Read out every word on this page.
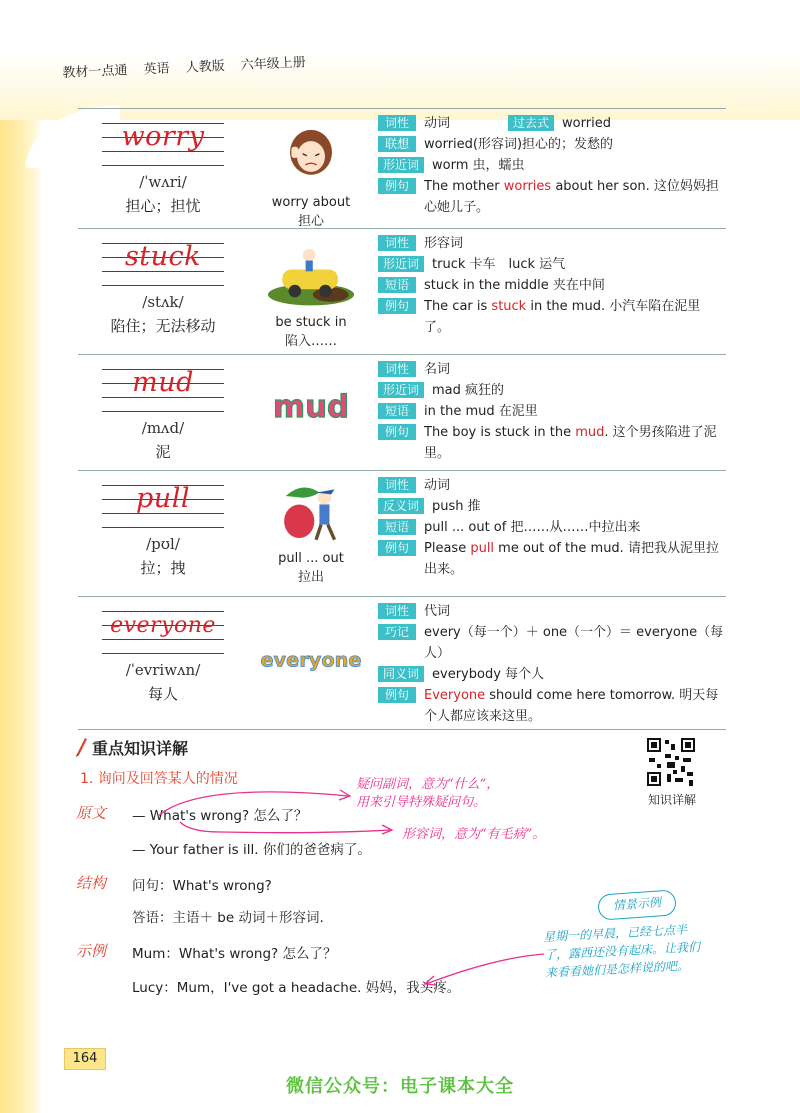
教材一点通 英语 人教版 六年级上册
worry
/ˈwʌri/
担心；担忧	worry about
担心
词性	动词	过去式 worried
联想	worried(形容词)担心的；发愁的
形近词	worm 虫，蠕虫
例句	The mother worries about her son. 这位妈妈担心她儿子。
stuck
/stʌk/
陷住；无法移动	be stuck in
陷入……
词性	形容词
形近词	truck 卡车　luck 运气
短语	stuck in the middle 夹在中间
例句	The car is stuck in the mud. 小汽车陷在泥里了。
mud
/mʌd/
泥
mud
词性	名词
形近词	mad 疯狂的
短语	in the mud 在泥里
例句	The boy is stuck in the mud. 这个男孩陷进了泥里。
pull
/pʊl/
拉；拽
pull ... out
拉出
词性	动词
反义词	push 推
短语	pull ... out of 把……从……中拉出来
例句	Please pull me out of the mud. 请把我从泥里拉出来。
everyone
/ˈevriwʌn/
每人
everyone
词性	代词
巧记	every（每一个）＋ one（一个）＝ everyone（每人）
同义词	everybody 每个人
例句	Everyone should come here tomorrow. 明天每个人都应该来这里。
重点知识详解
1. 询问及回答某人的情况
知识详解
原文 — What's wrong? 怎么了？
— Your father is ill. 你们的爸爸病了。
疑问副词，意为“什么”，
用来引导特殊疑问句。
形容词，意为“有毛病”。
结构 问句：What's wrong?
答语：主语＋ be 动词＋形容词.
示例 Mum：What's wrong? 怎么了？
Lucy：Mum，I've got a headache. 妈妈，我头疼。
情景示例
星期一的早晨，已经七点半
了，露西还没有起床。让我们
来看看她们是怎样说的吧。
164
微信公众号：电子课本大全
